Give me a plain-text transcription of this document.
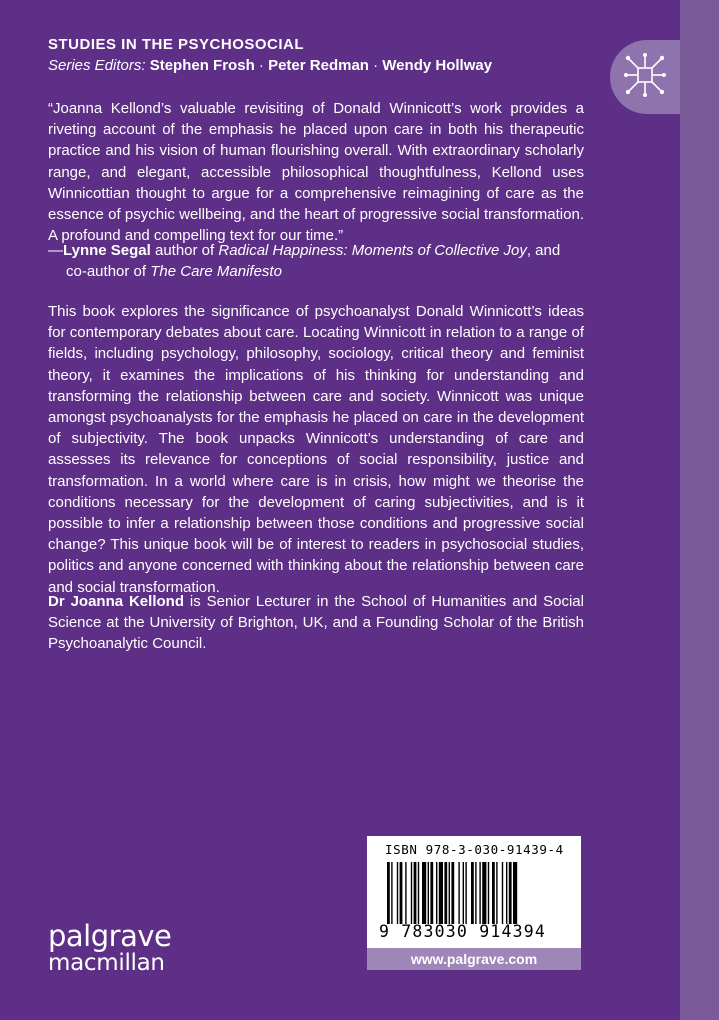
STUDIES IN THE PSYCHOSOCIAL
Series Editors: Stephen Frosh · Peter Redman · Wendy Hollway
“Joanna Kellond’s valuable revisiting of Donald Winnicott’s work provides a riveting account of the emphasis he placed upon care in both his therapeutic practice and his vision of human flourishing overall. With extraordinary scholarly range, and elegant, accessible philosophical thoughtfulness, Kellond uses Winnicottian thought to argue for a comprehensive reimagining of care as the essence of psychic wellbeing, and the heart of progressive social transformation. A profound and compelling text for our time.”
—Lynne Segal author of Radical Happiness: Moments of Collective Joy, and
co-author of The Care Manifesto
This book explores the significance of psychoanalyst Donald Winnicott’s ideas for contemporary debates about care. Locating Winnicott in relation to a range of fields, including psychology, philosophy, sociology, critical theory and feminist theory, it examines the implications of his thinking for understanding and transforming the relationship between care and society. Winnicott was unique amongst psychoanalysts for the emphasis he placed on care in the development of subjectivity. The book unpacks Winnicott’s understanding of care and assesses its relevance for conceptions of social responsibility, justice and transformation. In a world where care is in crisis, how might we theorise the conditions necessary for the development of caring subjectivities, and is it possible to infer a relationship between those conditions and progressive social change? This unique book will be of interest to readers in psychosocial studies, politics and anyone concerned with thinking about the relationship between care and social transformation.
Dr Joanna Kellond is Senior Lecturer in the School of Humanities and Social Science at the University of Brighton, UK, and a Founding Scholar of the British Psychoanalytic Council.
ISBN 978-3-030-91439-4
9 783030 914394
www.palgrave.com
palgrave
macmillan
